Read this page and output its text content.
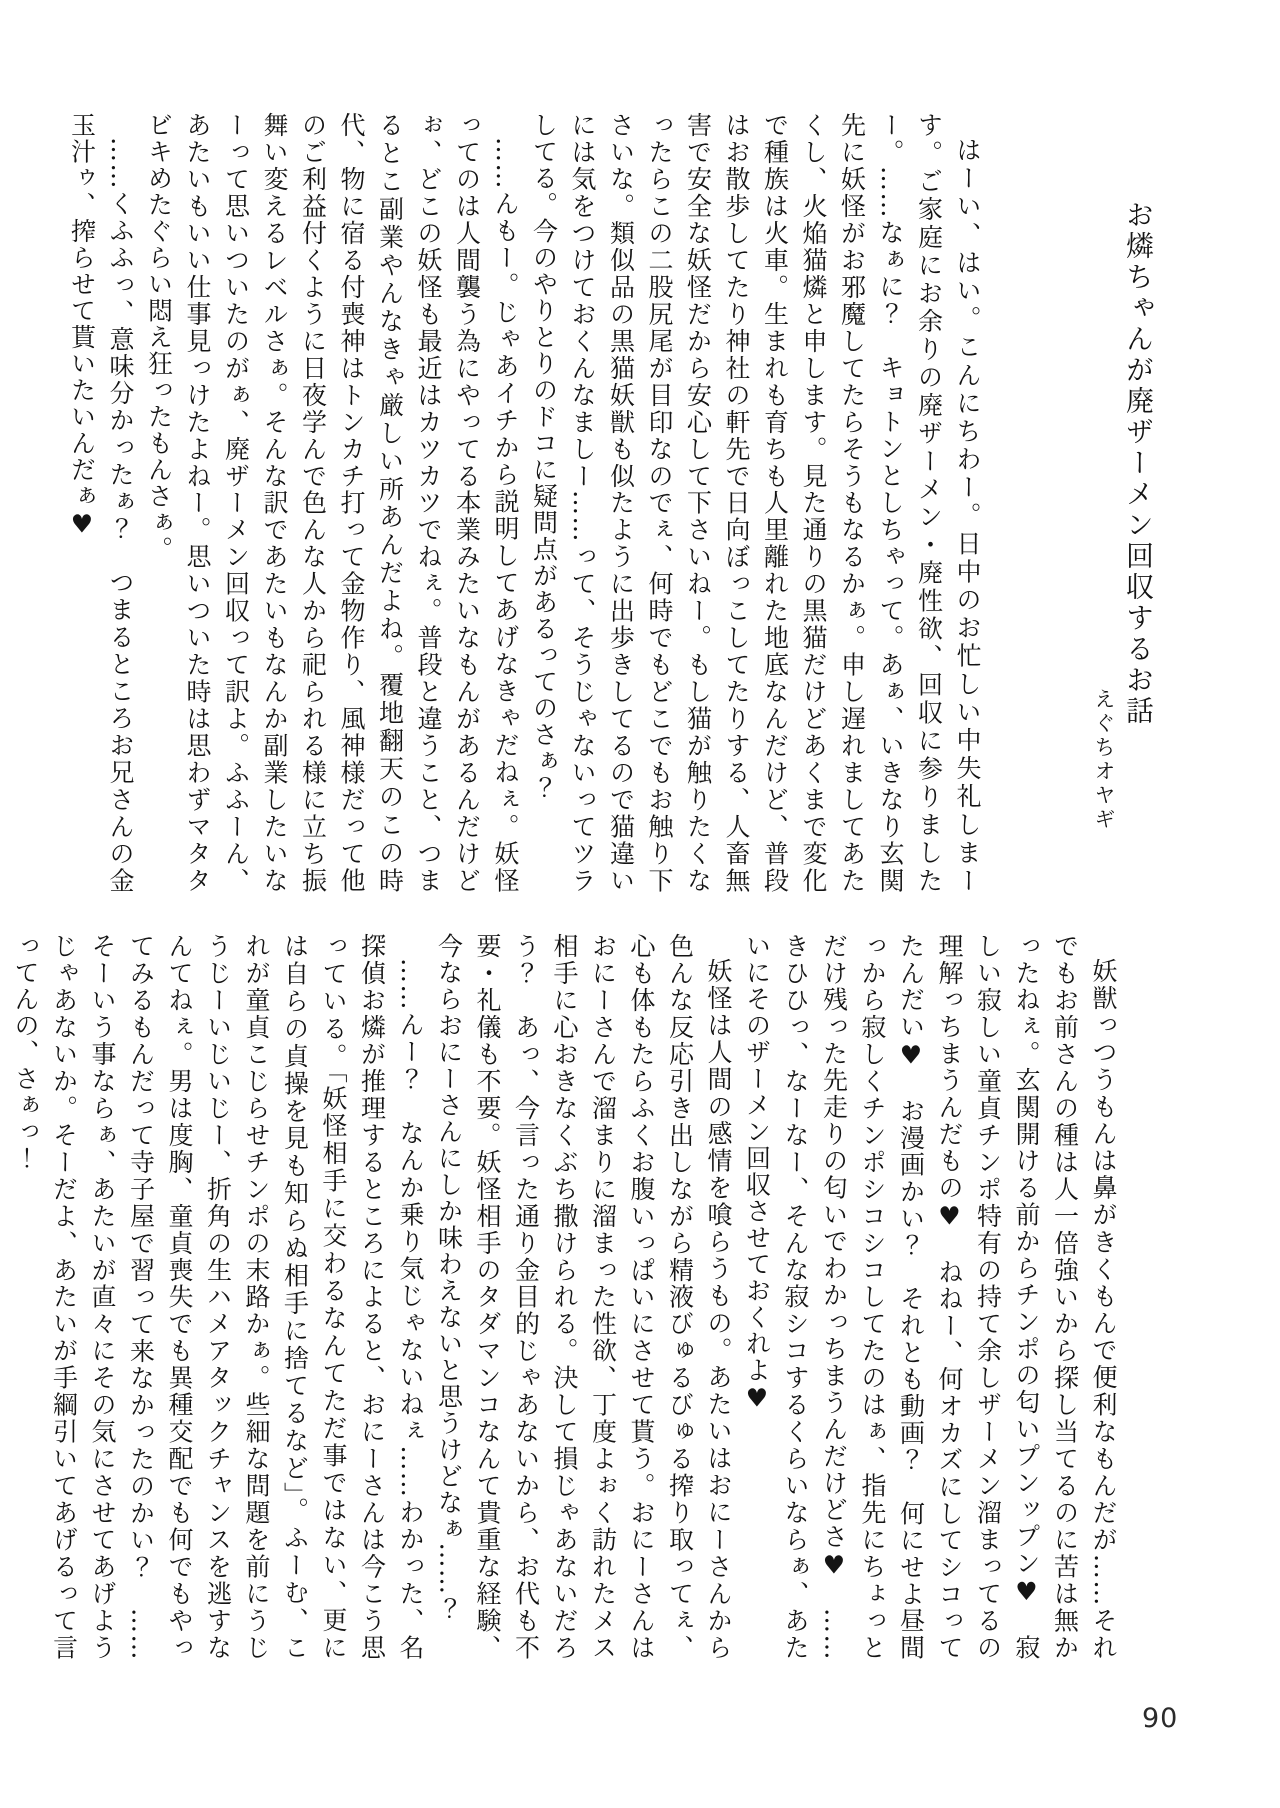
お燐ちゃんが廃ザーメン回収するお話
えぐちオヤギ

はーい、はい。こんにちわー。日中のお忙しい中失礼しまーす。ご家庭にお余りの廃ザーメン・廃性欲、回収に参りましたー。……なぁに？　キョトンとしちゃって。あぁ、いきなり玄関先に妖怪がお邪魔してたらそうもなるかぁ。申し遅れましてあたくし、火焔猫燐と申します。見た通りの黒猫だけどあくまで変化で種族は火車。生まれも育ちも人里離れた地底なんだけど、普段はお散歩してたり神社の軒先で日向ぼっこしてたりする、人畜無害で安全な妖怪だから安心して下さいねー。もし猫が触りたくなったらこの二股尻尾が目印なのでぇ、何時でもどこでもお触り下さいな。類似品の黒猫妖獣も似たように出歩きしてるので猫違いには気をつけておくんなましー……って、そうじゃないってツラしてる。今のやりとりのドコに疑問点があるってのさぁ？

……んもー。じゃあイチから説明してあげなきゃだねぇ。妖怪ってのは人間襲う為にやってる本業みたいなもんがあるんだけどぉ、どこの妖怪も最近はカツカツでねぇ。普段と違うこと、つまるとこ副業やんなきゃ厳しい所あんだよね。覆地翻天のこの時代、物に宿る付喪神はトンカチ打って金物作り、風神様だって他のご利益付くように日夜学んで色んな人から祀られる様に立ち振舞い変えるレベルさぁ。そんな訳であたいもなんか副業したいなーって思いついたのがぁ、廃ザーメン回収って訳よ。ふふーん、あたいもいい仕事見っけたよねー。思いついた時は思わずマタタビキめたぐらい悶え狂ったもんさぁ。

……くふふっ、意味分かったぁ？　つまるところお兄さんの金玉汁ゥ、搾らせて貰いたいんだぁ♥

妖獣っつうもんは鼻がきくもんで便利なもんだが……それでもお前さんの種は人一倍強いから探し当てるのに苦は無かったねぇ。玄関開ける前からチンポの匂いプンップン♥　寂しい寂しい童貞チンポ特有の持て余しザーメン溜まってるの理解っちまうんだもの♥　ねねー、何オカズにしてシコってたんだい♥　お漫画かい？　それとも動画？　何にせよ昼間っから寂しくチンポシコシコしてたのはぁ、指先にちょっとだけ残った先走りの匂いでわかっちまうんだけどさ♥　……きひひっ、なーなー、そんな寂シコするくらいならぁ、あたいにそのザーメン回収させておくれよ♥

妖怪は人間の感情を喰らうもの。あたいはおにーさんから色んな反応引き出しながら精液びゅるびゅる搾り取ってぇ、心も体もたらふくお腹いっぱいにさせて貰う。おにーさんはおにーさんで溜まりに溜まった性欲、丁度よぉく訪れたメス相手に心おきなくぶち撒けられる。決して損じゃあないだろう？　あっ、今言った通り金目的じゃあないから、お代も不要・礼儀も不要。妖怪相手のタダマンコなんて貴重な経験、今ならおにーさんにしか味わえないと思うけどなぁ……？

……んー？　なんか乗り気じゃないねぇ……わかった、名探偵お燐が推理するところによると、おにーさんは今こう思っている。「妖怪相手に交わるなんてただ事ではない、更には自らの貞操を見も知らぬ相手に捨てるなど」。ふーむ、これが童貞こじらせチンポの末路かぁ。些細な問題を前にうじうじーいじいじー、折角の生ハメアタックチャンスを逃すなんてねぇ。男は度胸、童貞喪失でも異種交配でも何でもやってみるもんだって寺子屋で習って来なかったのかい？　……そーいう事ならぁ、あたいが直々にその気にさせてあげようじゃあないか。そーだよ、あたいが手綱引いてあげるって言ってんの、さぁっ！

90
